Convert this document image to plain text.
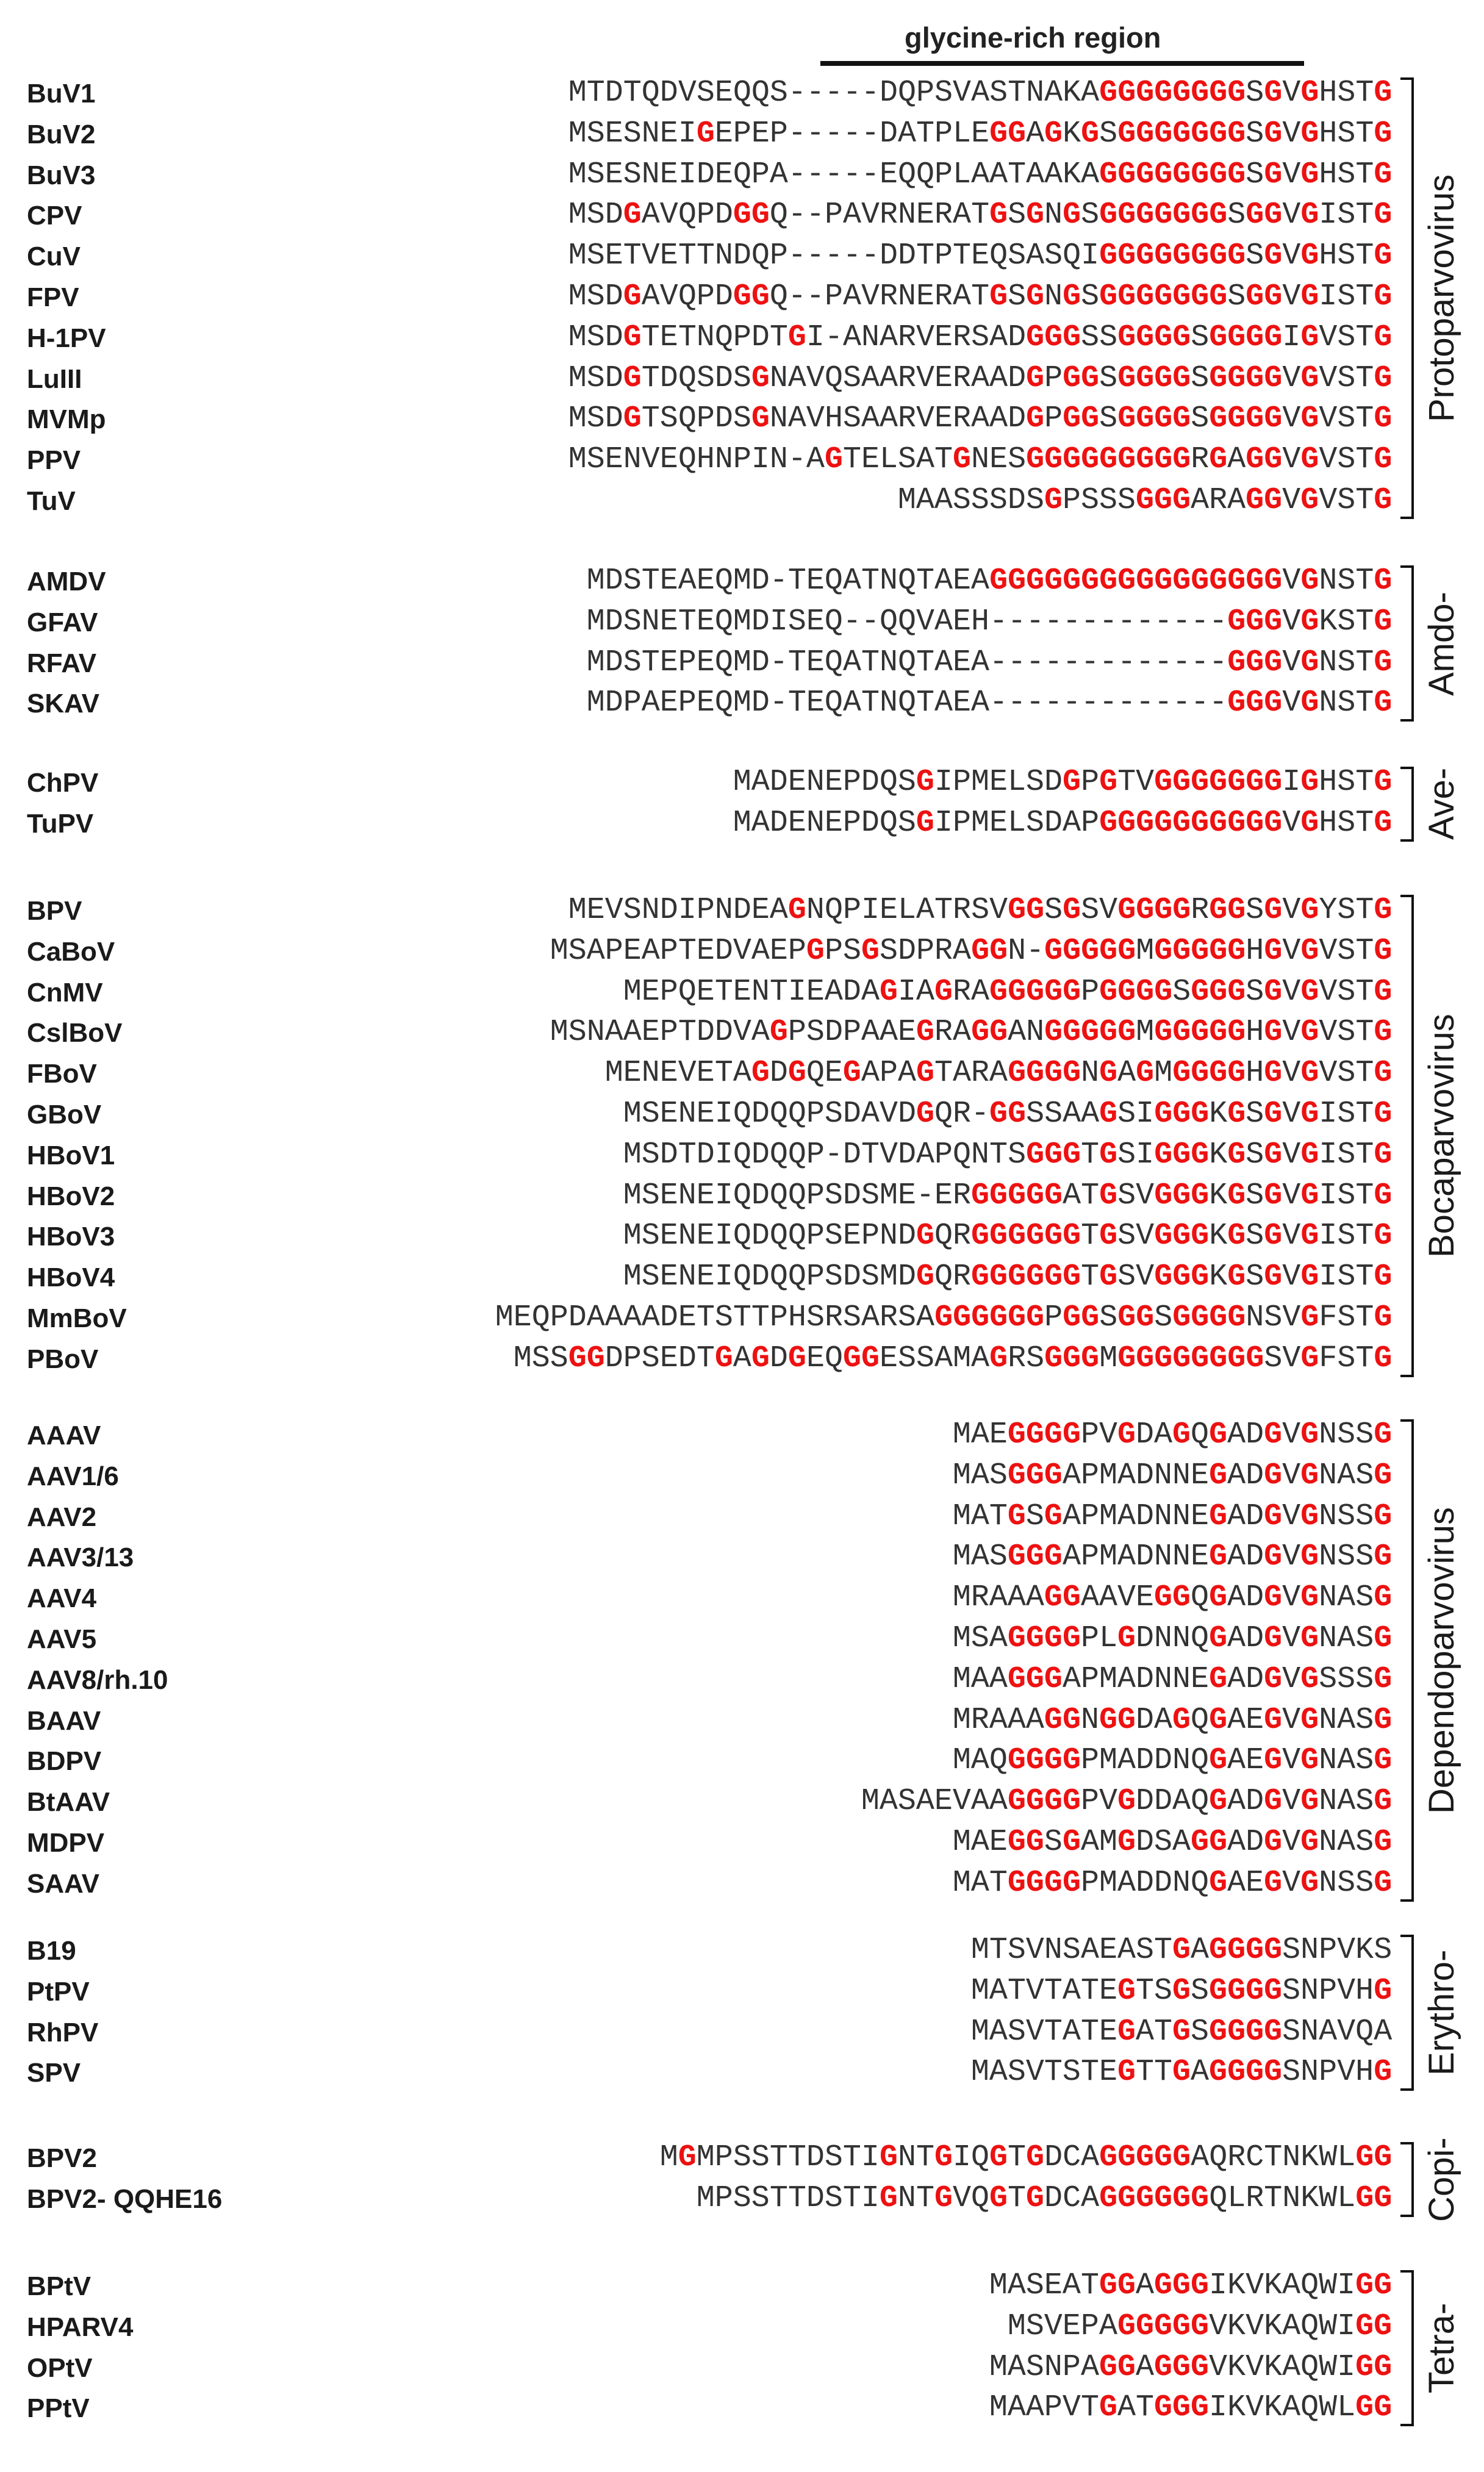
glycine-rich region
BuV1	MTDTQDVSEQQS-----DQPSVASTNAKAGGGGGGGGSGVGHSTG
BuV2	MSESNEIGEPEP-----DATPLEGGAGKGSGGGGGGGSGVGHSTG
BuV3	MSESNEIDEQPA-----EQQPLAATAAKAGGGGGGGGSGVGHSTG
CPV	MSDGAVQPDGGQ--PAVRNERATGSGNGSGGGGGGGSGGVGISTG
CuV	MSETVETTNDQP-----DDTPTEQSASQIGGGGGGGGSGVGHSTG
FPV	MSDGAVQPDGGQ--PAVRNERATGSGNGSGGGGGGGSGGVGISTG
H-1PV	MSDGTETNQPDTGI-ANARVERSADGGGSSGGGGSGGGGIGVSTG
LuIII	MSDGTDQSDSGNAVQSAARVERAADGPGGSGGGGSGGGGVGVSTG
MVMp	MSDGTSQPDSGNAVHSAARVERAADGPGGSGGGGSGGGGVGVSTG
PPV	MSENVEQHNPIN-AGTELSATGNESGGGGGGGGGRGAGGVGVSTG
TuV	MAASSSDSGPSSSGGGARAGGVGVSTG
Protoparvovirus
AMDV	MDSTEAEQMD-TEQATNQTAEAGGGGGGGGGGGGGGGGVGNSTG
GFAV	MDSNETEQMDISEQ--QQVAEH-------------GGGVGKSTG
RFAV	MDSTEPEQMD-TEQATNQTAEA-------------GGGVGNSTG
SKAV	MDPAEPEQMD-TEQATNQTAEA-------------GGGVGNSTG
Amdo-
ChPV	MADENEPDQSGIPMELSDGPGTVGGGGGGGIGHSTG
TuPV	MADENEPDQSGIPMELSDAPGGGGGGGGGGVGHSTG Ave-
BPV	MEVSNDIPNDEAGNQPIELATRSVGGSGSVGGGGRGGSGVGYSTG
CaBoV	MSAPEAPTEDVAEPGPSGSDPRAGGN-GGGGGMGGGGGHGVGVSTG
CnMV	MEPQETENTIEADAGIAGRAGGGGGPGGGGSGGGSGVGVSTG
CslBoV	MSNAAEPTDDVAGPSDPAAEGRAGGANGGGGGMGGGGGHGVGVSTG
FBoV	MENEVETAGDGQEGAPAGTARAGGGGNGAGMGGGGHGVGVSTG
GBoV	MSENEIQDQQPSDAVDGQR-GGSSAAGSIGGGKGSGVGISTG
HBoV1	MSDTDIQDQQP-DTVDAPQNTSGGGTGSIGGGKGSGVGISTG
HBoV2	MSENEIQDQQPSDSME-ERGGGGGATGSVGGGKGSGVGISTG
HBoV3	MSENEIQDQQPSEPNDGQRGGGGGGTGSVGGGKGSGVGISTG
HBoV4	MSENEIQDQQPSDSMDGQRGGGGGGTGSVGGGKGSGVGISTG
MmBoV	MEQPDAAAADETSTTPHSRSARSAGGGGGGPGGSGGSGGGGNSVGFSTG
PBoV	MSSGGDPSEDTGAGDGEQGGESSAMAGRSGGGMGGGGGGGGSVGFSTG
Bocaparvovirus
AAAV	MAEGGGGPVGDAGQGADGVGNSSG
AAV1/6	MASGGGAPMADNNEGADGVGNASG
AAV2	MATGSGAPMADNNEGADGVGNSSG
AAV3/13	MASGGGAPMADNNEGADGVGNSSG
AAV4	MRAAAGGAAVEGGQGADGVGNASG
AAV5	MSAGGGGPLGDNNQGADGVGNASG
AAV8/rh.10	MAAGGGAPMADNNEGADGVGSSSG
BAAV	MRAAAGGNGGDAGQGAEGVGNASG
BDPV	MAQGGGGPMADDNQGAEGVGNASG
BtAAV	MASAEVAAGGGGPVGDDAQGADGVGNASG
MDPV	MAEGGSGAMGDSAGGADGVGNASG
SAAV	MATGGGGPMADDNQGAEGVGNSSG
Dependoparvovirus
B19	MTSVNSAEASTGAGGGGSNPVKS
PtPV	MATVTATEGTSGSGGGGSNPVHG
RhPV	MASVTATEGATGSGGGGSNAVQA
SPV	MASVTSTEGTTGAGGGGSNPVHG Erythro-
BPV2	MGMPSSTTDSTIGNTGIQGTGDCAGGGGGAQRCTNKWLGG
BPV2- QQHE16	MPSSTTDSTIGNTGVQGTGDCAGGGGGGQLRTNKWLGG Copi-
BPtV	MASEATGGAGGGIKVKAQWIGG
HPARV4	MSVEPAGGGGGVKVKAQWIGG
OPtV	MASNPAGGAGGGVKVKAQWIGG
PPtV	MAAPVTGATGGGIKVKAQWLGG
Tetra-
